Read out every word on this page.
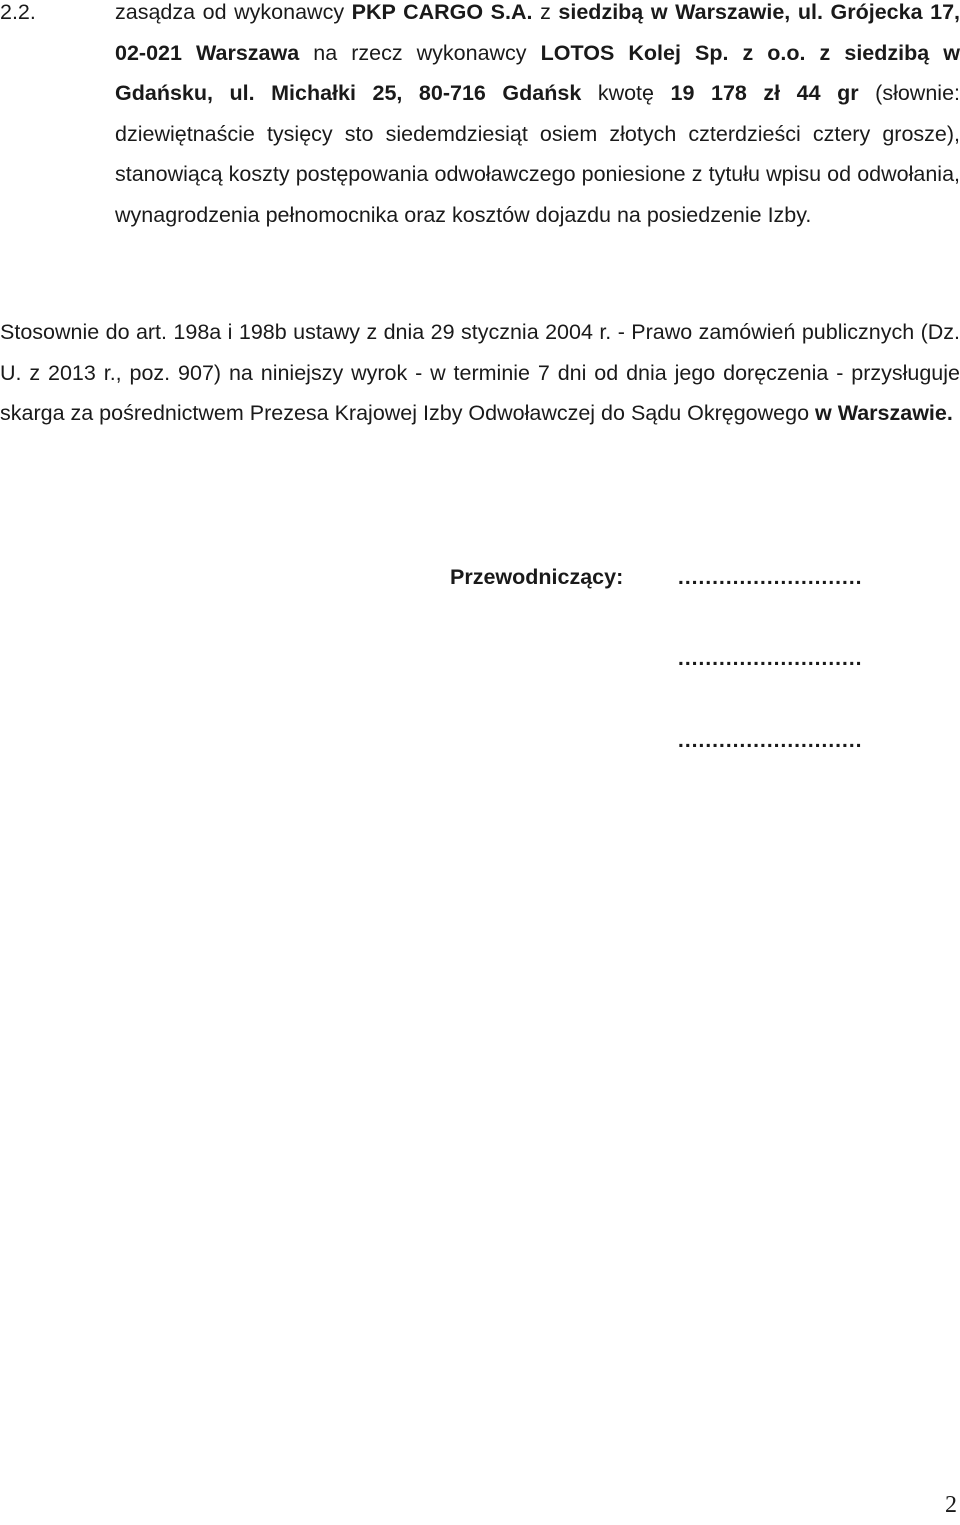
2.2.	zasądza od wykonawcy PKP CARGO S.A. z siedzibą w Warszawie, ul. Grójecka 17, 02-021 Warszawa na rzecz wykonawcy LOTOS Kolej Sp. z o.o. z siedzibą w Gdańsku, ul. Michałki 25, 80-716 Gdańsk kwotę 19 178 zł 44 gr (słownie: dziewiętnaście tysięcy sto siedemdziesiąt osiem złotych czterdzieści cztery grosze), stanowiącą koszty postępowania odwoławczego poniesione z tytułu wpisu od odwołania, wynagrodzenia pełnomocnika oraz kosztów dojazdu na posiedzenie Izby.

Stosownie do art. 198a i 198b ustawy z dnia 29 stycznia 2004 r. - Prawo zamówień publicznych (Dz. U. z 2013 r., poz. 907) na niniejszy wyrok - w terminie 7 dni od dnia jego doręczenia - przysługuje skarga za pośrednictwem Prezesa Krajowej Izby Odwoławczej do Sądu Okręgowego w Warszawie.

Przewodniczący:	………………………
………………………
………………………
2
